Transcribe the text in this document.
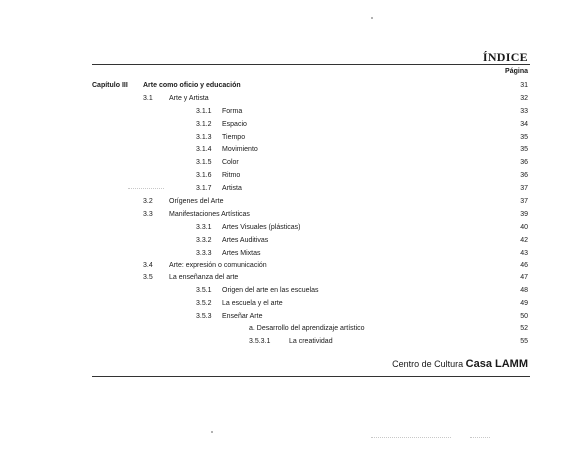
ÍNDICE
Página
Capítulo III Arte como oficio y educación	31
3.1 Arte y Artista	32
3.1.1 Forma	33
3.1.2 Espacio	34
3.1.3 Tiempo	35
3.1.4 Movimiento	35
3.1.5 Color	36
3.1.6 Ritmo	36
3.1.7 Artista	37
3.2 Orígenes del Arte	37
3.3 Manifestaciones Artísticas	39
3.3.1 Artes Visuales (plásticas)	40
3.3.2 Artes Auditivas	42
3.3.3 Artes Mixtas	43
3.4 Arte: expresión o comunicación	46
3.5 La enseñanza del arte	47
3.5.1 Origen del arte en las escuelas	48
3.5.2 La escuela y el arte	49
3.5.3 Enseñar Arte	50
a. Desarrollo del aprendizaje artístico	52
3.5.3.1	La creatividad	55
Centro de Cultura Casa LAMM
